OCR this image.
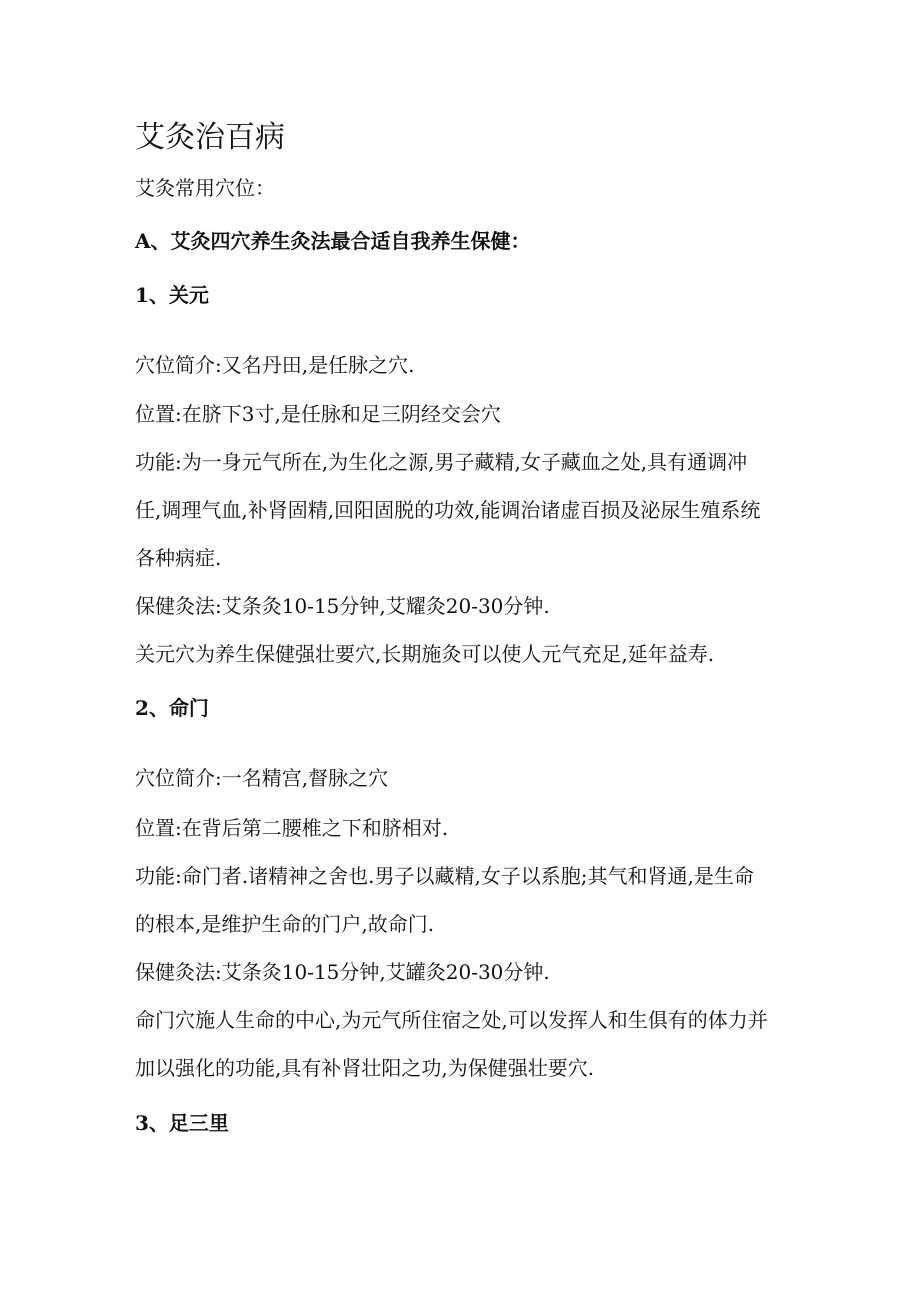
艾灸治百病
艾灸常用穴位：
A、艾灸四穴养生灸法最合适自我养生保健：
1、关元
穴位简介:又名丹田,是任脉之穴.
位置:在脐下3寸,是任脉和足三阴经交会穴
功能:为一身元气所在,为生化之源,男子藏精,女子藏血之处,具有通调冲
任,调理气血,补肾固精,回阳固脱的功效,能调治诸虚百损及泌尿生殖系统
各种病症.
保健灸法:艾条灸10-15分钟,艾耀灸20-30分钟.
关元穴为养生保健强壮要穴,长期施灸可以使人元气充足,延年益寿.
2、命门
穴位简介:一名精宫,督脉之穴
位置:在背后第二腰椎之下和脐相对.
功能:命门者.诸精神之舍也.男子以藏精,女子以系胞;其气和肾通,是生命
的根本,是维护生命的门户,故命门.
保健灸法:艾条灸10-15分钟,艾罐灸20-30分钟.
命门穴施人生命的中心,为元气所住宿之处,可以发挥人和生俱有的体力并
加以强化的功能,具有补肾壮阳之功,为保健强壮要穴.
3、足三里
